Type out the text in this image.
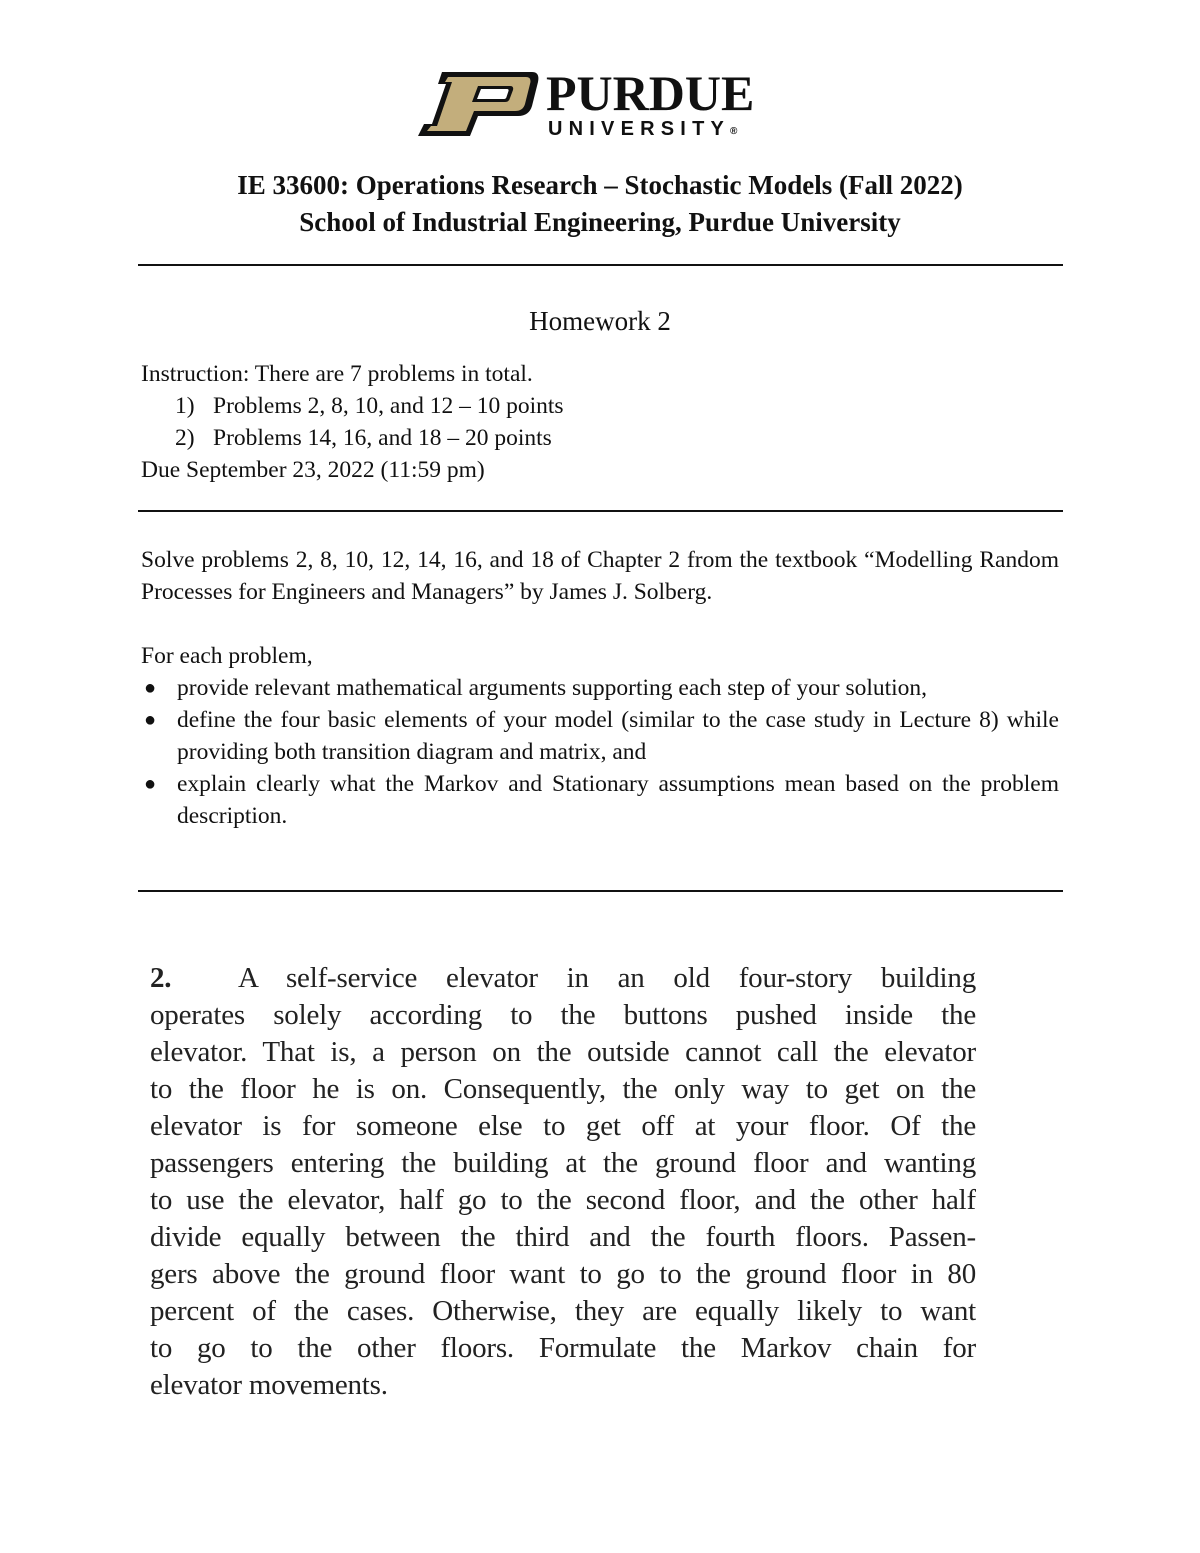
PURDUE
UNIVERSITY®
IE 33600: Operations Research – Stochastic Models (Fall 2022)
School of Industrial Engineering, Purdue University
Homework 2
Instruction: There are 7 problems in total.
1) Problems 2, 8, 10, and 12 – 10 points
2) Problems 14, 16, and 18 – 20 points
Due September 23, 2022 (11:59 pm)

Solve problems 2, 8, 10, 12, 14, 16, and 18 of Chapter 2 from the textbook “Modelling Random Processes for Engineers and Managers” by James J. Solberg.

For each problem,
● provide relevant mathematical arguments supporting each step of your solution,
● define the four basic elements of your model (similar to the case study in Lecture 8) while providing both transition diagram and matrix, and
● explain clearly what the Markov and Stationary assumptions mean based on the problem description.
2. A self-service elevator in an old four-story building
operates solely according to the buttons pushed inside the
elevator. That is, a person on the outside cannot call the elevator
to the floor he is on. Consequently, the only way to get on the
elevator is for someone else to get off at your floor. Of the
passengers entering the building at the ground floor and wanting
to use the elevator, half go to the second floor, and the other half
divide equally between the third and the fourth floors. Passen-
gers above the ground floor want to go to the ground floor in 80
percent of the cases. Otherwise, they are equally likely to want
to go to the other floors. Formulate the Markov chain for
elevator movements.
